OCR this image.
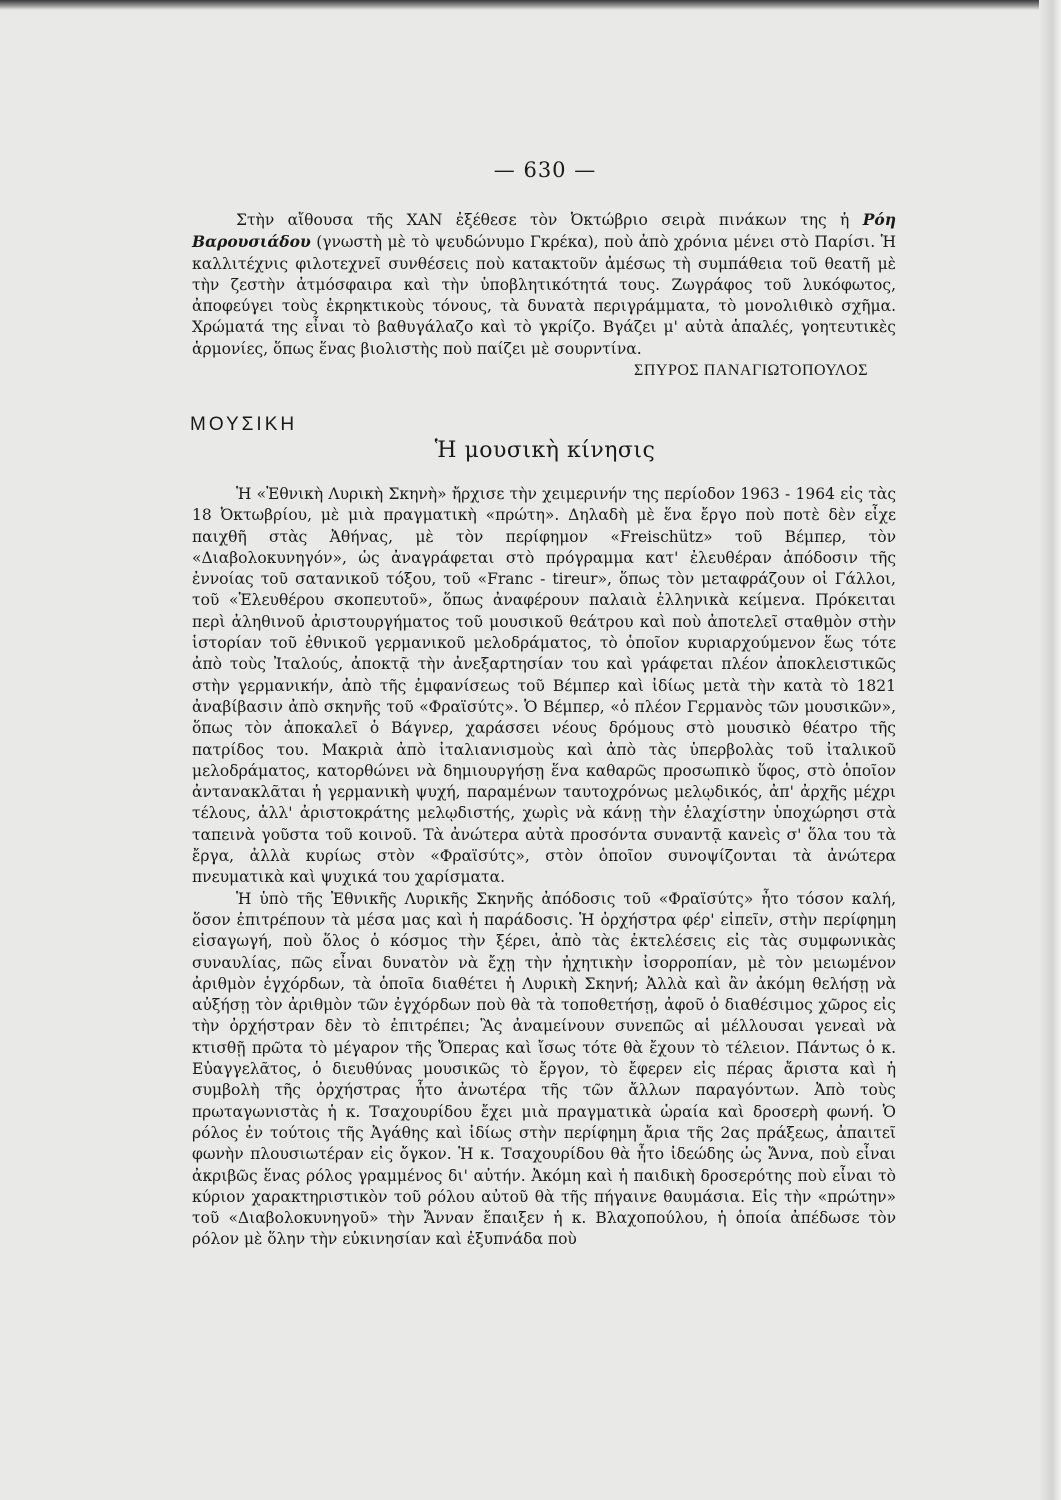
— 630 —

Στὴν αἴθουσα τῆς ΧΑΝ ἐξέθεσε τὸν Ὀκτώβριο σειρὰ πινάκων της ἡ Ρόη Βαρουσιάδου (γνωστὴ μὲ τὸ ψευδώνυμο Γκρέκα), ποὺ ἀπὸ χρόνια μένει στὸ Παρίσι. Ἡ καλλιτέχνις φιλοτεχνεῖ συνθέσεις ποὺ κατακτοῦν ἀμέσως τὴ συμπάθεια τοῦ θεατῆ μὲ τὴν ζεστὴν ἀτμόσφαιρα καὶ τὴν ὑποβλητικότητά τους. Ζωγράφος τοῦ λυκόφωτος, ἀποφεύγει τοὺς ἐκρηκτικοὺς τόνους, τὰ δυνατὰ περιγράμματα, τὸ μονολιθικὸ σχῆμα. Χρώματά της εἶναι τὸ βαθυγάλαζο καὶ τὸ γκρίζο. Βγάζει μ' αὐτὰ ἁπαλές, γοητευτικὲς ἁρμονίες, ὅπως ἕνας βιολιστὴς ποὺ παίζει μὲ σουρντίνα.

ΣΠΥΡΟΣ ΠΑΝΑΓΙΩΤΟΠΟΥΛΟΣ

ΜΟΥΣΙΚΗ
Ἡ μουσικὴ κίνησις

Ἡ «Ἐθνικὴ Λυρικὴ Σκηνὴ» ἤρχισε τὴν χειμερινήν της περίοδον 1963 - 1964 εἰς τὰς 18 Ὀκτωβρίου, μὲ μιὰ πραγματικὴ «πρώτη». Δηλαδὴ μὲ ἕνα ἔργο ποὺ ποτὲ δὲν εἶχε παιχθῆ στὰς Ἀθήνας, μὲ τὸν περίφημον «Freischütz» τοῦ Βέμπερ, τὸν «Διαβολοκυνηγόν», ὡς ἀναγράφεται στὸ πρόγραμμα κατ' ἐλευθέραν ἀπόδοσιν τῆς ἐννοίας τοῦ σατανικοῦ τόξου, τοῦ «Franc - tireur», ὅπως τὸν μεταφράζουν οἱ Γάλλοι, τοῦ «Ἐλευθέρου σκοπευτοῦ», ὅπως ἀναφέρουν παλαιὰ ἑλληνικὰ κείμενα. Πρόκειται περὶ ἀληθινοῦ ἀριστουργήματος τοῦ μουσικοῦ θεάτρου καὶ ποὺ ἀποτελεῖ σταθμὸν στὴν ἱστορίαν τοῦ ἐθνικοῦ γερμανικοῦ μελοδράματος, τὸ ὁποῖον κυριαρχούμενον ἕως τότε ἀπὸ τοὺς Ἰταλούς, ἀποκτᾷ τὴν ἀνεξαρτησίαν του καὶ γράφεται πλέον ἀποκλειστικῶς στὴν γερμανικήν, ἀπὸ τῆς ἐμφανίσεως τοῦ Βέμπερ καὶ ἰδίως μετὰ τὴν κατὰ τὸ 1821 ἀναβίβασιν ἀπὸ σκηνῆς τοῦ «Φραϊσύτς». Ὁ Βέμπερ, «ὁ πλέον Γερμανὸς τῶν μουσικῶν», ὅπως τὸν ἀποκαλεῖ ὁ Βάγνερ, χαράσσει νέους δρόμους στὸ μουσικὸ θέατρο τῆς πατρίδος του. Μακριὰ ἀπὸ ἰταλιανισμοὺς καὶ ἀπὸ τὰς ὑπερβολὰς τοῦ ἰταλικοῦ μελοδράματος, κατορθώνει νὰ δημιουργήσῃ ἕνα καθαρῶς προσωπικὸ ὕφος, στὸ ὁποῖον ἀντανακλᾶται ἡ γερμανικὴ ψυχή, παραμένων ταυτοχρόνως μελῳδικός, ἀπ' ἀρχῆς μέχρι τέλους, ἀλλ' ἀριστοκράτης μελῳδιστής, χωρὶς νὰ κάνῃ τὴν ἐλαχίστην ὑποχώρησι στὰ ταπεινὰ γοῦστα τοῦ κοινοῦ. Τὰ ἀνώτερα αὐτὰ προσόντα συναντᾷ κανεὶς σ' ὅλα του τὰ ἔργα, ἀλλὰ κυρίως στὸν «Φραϊσύτς», στὸν ὁποῖον συνοψίζονται τὰ ἀνώτερα πνευματικὰ καὶ ψυχικά του χαρίσματα.

Ἡ ὑπὸ τῆς Ἐθνικῆς Λυρικῆς Σκηνῆς ἀπόδοσις τοῦ «Φραϊσύτς» ἦτο τόσον καλή, ὅσον ἐπιτρέπουν τὰ μέσα μας καὶ ἡ παράδοσις. Ἡ ὀρχήστρα φέρ' εἰπεῖν, στὴν περίφημη εἰσαγωγή, ποὺ ὅλος ὁ κόσμος τὴν ξέρει, ἀπὸ τὰς ἐκτελέσεις εἰς τὰς συμφωνικὰς συναυλίας, πῶς εἶναι δυνατὸν νὰ ἔχῃ τὴν ἠχητικὴν ἰσορροπίαν, μὲ τὸν μειωμένον ἀριθμὸν ἐγχόρδων, τὰ ὁποῖα διαθέτει ἡ Λυρικὴ Σκηνή; Ἀλλὰ καὶ ἂν ἀκόμη θελήσῃ νὰ αὐξήσῃ τὸν ἀριθμὸν τῶν ἐγχόρδων ποὺ θὰ τὰ τοποθετήσῃ, ἀφοῦ ὁ διαθέσιμος χῶρος εἰς τὴν ὀρχήστραν δὲν τὸ ἐπιτρέπει; Ἂς ἀναμείνουν συνεπῶς αἱ μέλλουσαι γενεαὶ νὰ κτισθῇ πρῶτα τὸ μέγαρον τῆς Ὄπερας καὶ ἴσως τότε θὰ ἔχουν τὸ τέλειον. Πάντως ὁ κ. Εὐαγγελᾶτος, ὁ διευθύνας μουσικῶς τὸ ἔργον, τὸ ἔφερεν εἰς πέρας ἄριστα καὶ ἡ συμβολὴ τῆς ὀρχήστρας ἦτο ἀνωτέρα τῆς τῶν ἄλλων παραγόντων. Ἀπὸ τοὺς πρωταγωνιστὰς ἡ κ. Τσαχουρίδου ἔχει μιὰ πραγματικὰ ὡραία καὶ δροσερὴ φωνή. Ὁ ρόλος ἐν τούτοις τῆς Ἀγάθης καὶ ἰδίως στὴν περίφημη ἄρια τῆς 2ας πράξεως, ἀπαιτεῖ φωνὴν πλουσιωτέραν εἰς ὄγκον. Ἡ κ. Τσαχουρίδου θὰ ἦτο ἰδεώδης ὡς Ἄννα, ποὺ εἶναι ἀκριβῶς ἕνας ρόλος γραμμένος δι' αὐτήν. Ἀκόμη καὶ ἡ παιδικὴ δροσερότης ποὺ εἶναι τὸ κύριον χαρακτηριστικὸν τοῦ ρόλου αὐτοῦ θὰ τῆς πήγαινε θαυμάσια. Εἰς τὴν «πρώτην» τοῦ «Διαβολοκυνηγοῦ» τὴν Ἄνναν ἔπαιξεν ἡ κ. Βλαχοπούλου, ἡ ὁποία ἀπέδωσε τὸν ρόλον μὲ ὅλην τὴν εὐκινησίαν καὶ ἐξυπνάδα ποὺ
